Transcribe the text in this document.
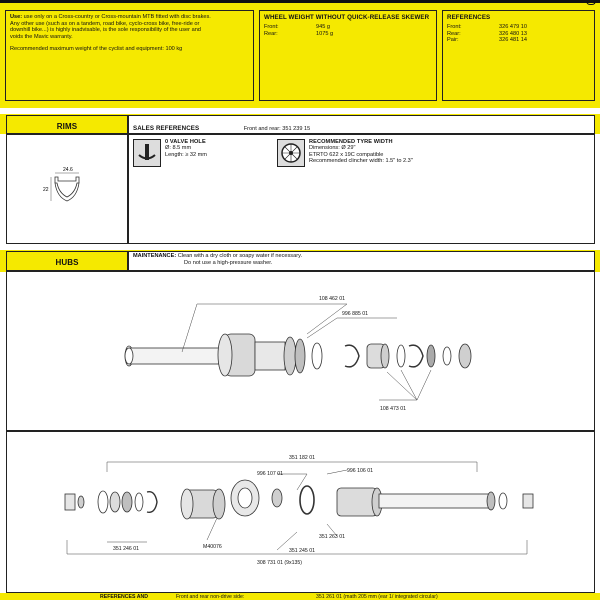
Use: use only on a Cross-country or Cross-mountain MTB fitted with disc brakes.
Any other use (such as on a tandem, road bike, cyclo-cross bike, free-ride or
downhill bike...) is highly inadvisable, is the sole responsibility of the user and
voids the Mavic warranty.
Recommended maximum weight of the cyclist and equipment: 100 kg
WHEEL WEIGHT WITHOUT QUICK-RELEASE SKEWER
Front:	945 g
Rear:	1075 g
REFERENCES
Front:	326 479 10
Rear:	326 480 13
Pair:	326 481 14
RIMS	SALES REFERENCES	Front and rear: 351 239 15
24.6
22
0 VALVE HOLE
Ø: 8.5 mm
Length: ≥ 32 mm
RECOMMENDED TYRE WIDTH
Dimensions: Ø 29"
ETRTO 622 x 19C compatible
Recommended clincher width: 1.5" to 2.3"
HUBS
MAINTENANCE: Clean with a dry cloth or soapy water if necessary.
Do not use a high-pressure washer.
108 462 01
996 885 01
108 473 01
351 182 01
996 107 01	996 106 01
351 246 01	M40076
351 245 01
351 263 01
308 731 01 (9x135)
REFERENCES AND	Front and rear non-drive side:	351 261 01 (math 205 mm (ear 1/ integrated circular)
